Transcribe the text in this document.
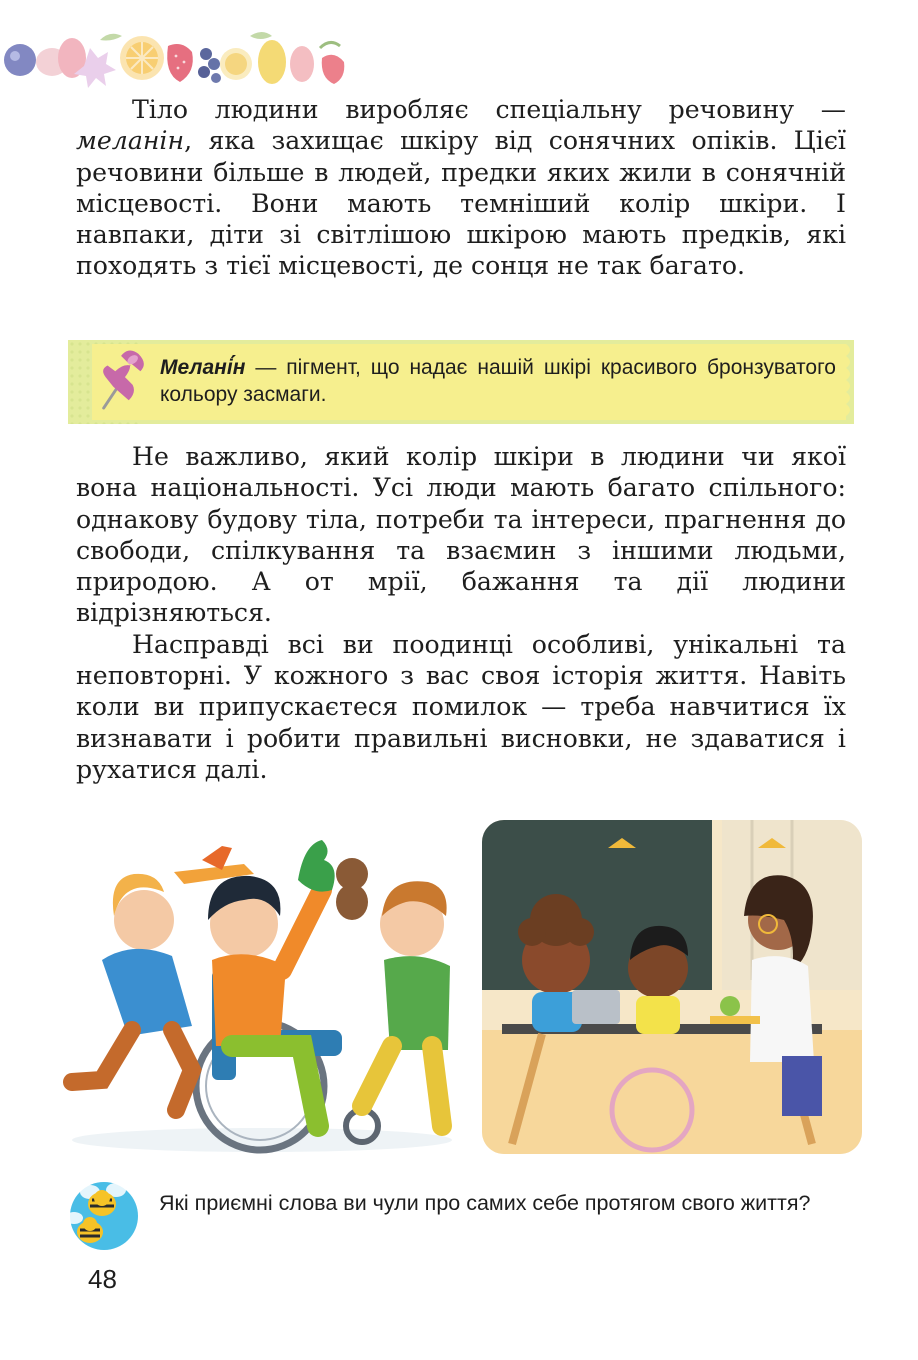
Тіло людини виробляє спеціальну речовину — меланін, яка захищає шкіру від сонячних опіків. Цієї речовини більше в людей, предки яких жили в сонячній місцевості. Вони мають темніший колір шкіри. І навпаки, діти зі світлішою шкірою мають предків, які походять з тієї місцевості, де сонця не так багато.

Мелані́н — пігмент, що надає нашій шкірі красивого бронзуватого кольору засмаги.

Не важливо, який колір шкіри в людини чи якої вона національності. Усі люди мають багато спільного: однакову будову тіла, потреби та інтереси, прагнення до свободи, спілкування та взаємин з іншими людьми, природою. А от мрії, бажання та дії людини відрізняються.

Насправді всі ви поодинці особливі, унікальні та неповторні. У кожного з вас своя історія життя. Навіть коли ви припускаєтеся помилок — треба навчитися їх визнавати і робити правильні висновки, не здаватися і рухатися далі.

Які приємні слова ви чули про самих себе протягом свого життя?
48
